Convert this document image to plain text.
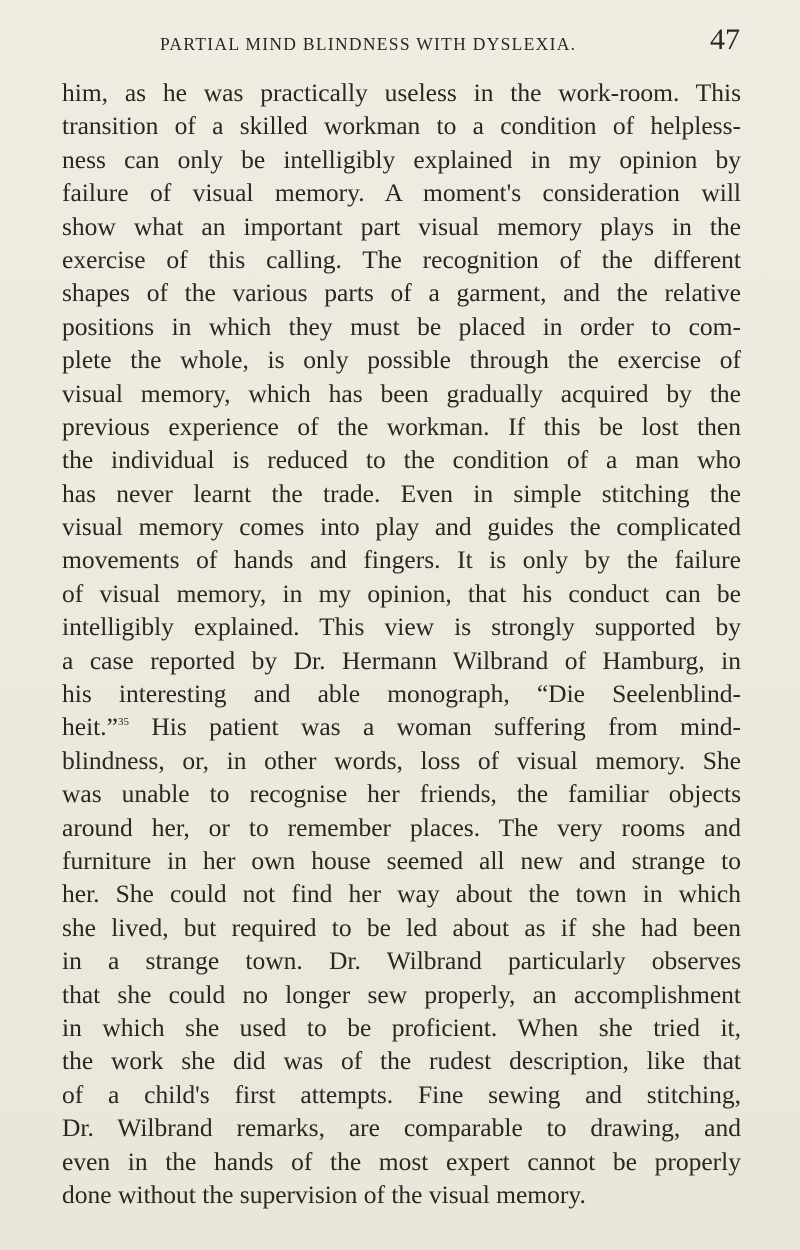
PARTIAL MIND BLINDNESS WITH DYSLEXIA.	47
him, as he was practically useless in the work-room. This
transition of a skilled workman to a condition of helpless-
ness can only be intelligibly explained in my opinion by
failure of visual memory. A moment's consideration will
show what an important part visual memory plays in the
exercise of this calling. The recognition of the different
shapes of the various parts of a garment, and the relative
positions in which they must be placed in order to com-
plete the whole, is only possible through the exercise of
visual memory, which has been gradually acquired by the
previous experience of the workman. If this be lost then
the individual is reduced to the condition of a man who
has never learnt the trade. Even in simple stitching the
visual memory comes into play and guides the complicated
movements of hands and fingers. It is only by the failure
of visual memory, in my opinion, that his conduct can be
intelligibly explained. This view is strongly supported by
a case reported by Dr. Hermann Wilbrand of Hamburg, in
his interesting and able monograph, “Die Seelenblind-
heit.”$^{35}$ His patient was a woman suffering from mind-
blindness, or, in other words, loss of visual memory. She
was unable to recognise her friends, the familiar objects
around her, or to remember places. The very rooms and
furniture in her own house seemed all new and strange to
her. She could not find her way about the town in which
she lived, but required to be led about as if she had been
in a strange town. Dr. Wilbrand particularly observes
that she could no longer sew properly, an accomplishment
in which she used to be proficient. When she tried it,
the work she did was of the rudest description, like that
of a child's first attempts. Fine sewing and stitching,
Dr. Wilbrand remarks, are comparable to drawing, and
even in the hands of the most expert cannot be properly
done without the supervision of the visual memory.
